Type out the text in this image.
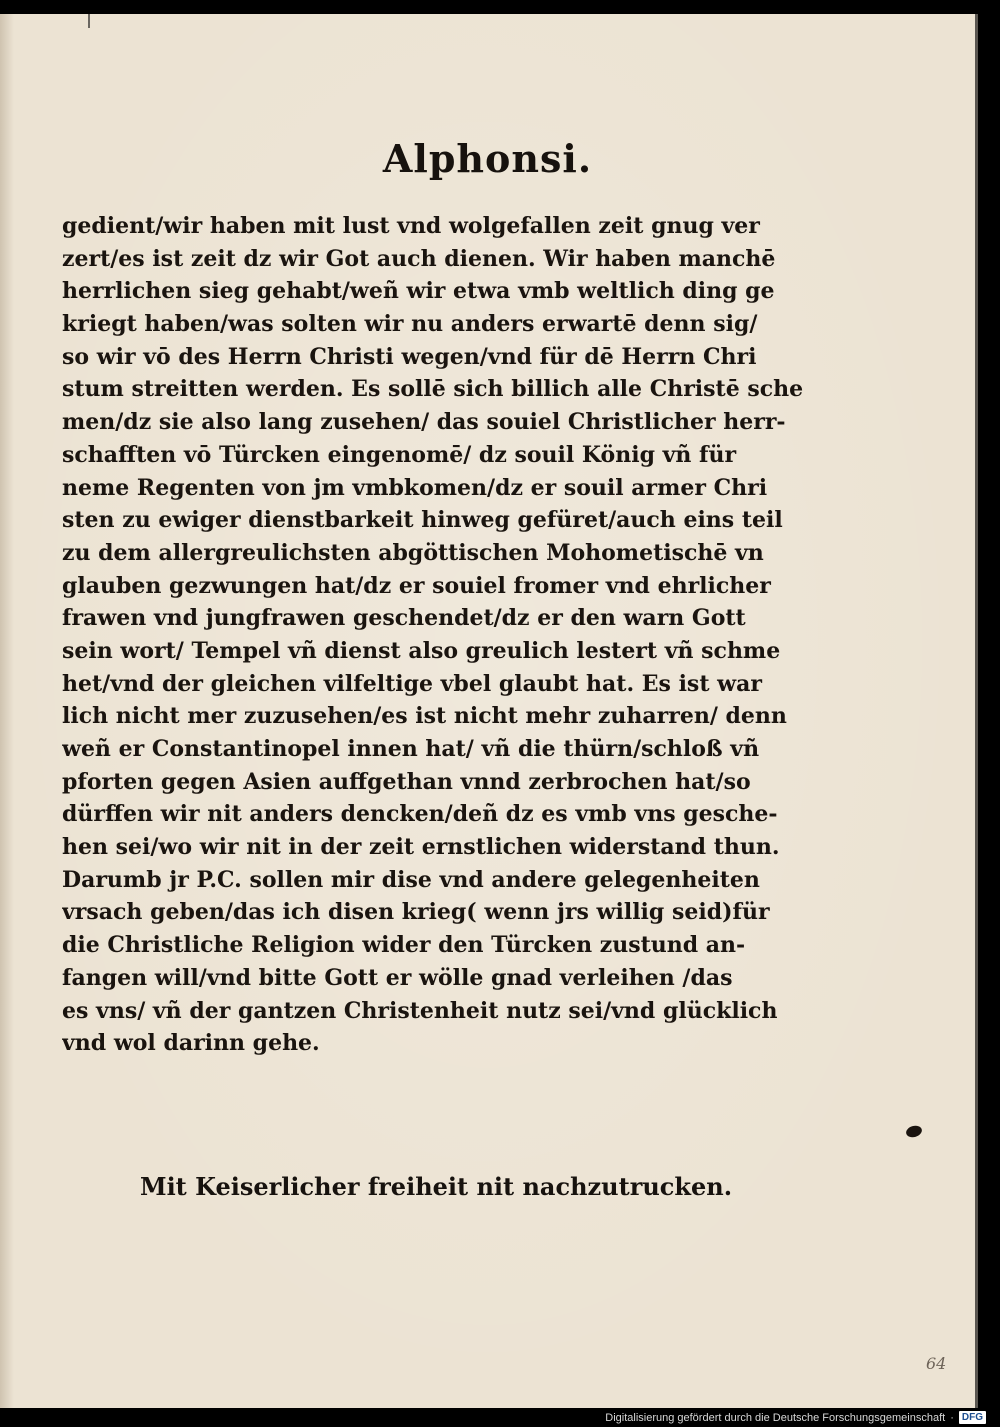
Alphonsi.
gedient/wir haben mit lust vnd wolgefallen zeit gnug ver
zert/es ist zeit dz wir Got auch dienen. Wir haben manchē
herrlichen sieg gehabt/weñ wir etwa vmb weltlich ding ge
kriegt haben/was solten wir nu anders erwartē denn sig/
so wir vō des Herrn Christi wegen/vnd für dē Herrn Chri
stum streitten werden. Es sollē sich billich alle Christē sche
men/dz sie also lang zusehen/ das souiel Christlicher herr-
schafften vō Türcken eingenomē/ dz souil König vñ für
neme Regenten von jm vmbkomen/dz er souil armer Chri
sten zu ewiger dienstbarkeit hinweg gefüret/auch eins teil
zu dem allergreulichsten abgöttischen Mohometischē vn
glauben gezwungen hat/dz er souiel fromer vnd ehrlicher
frawen vnd jungfrawen geschendet/dz er den warn Gott
sein wort/ Tempel vñ dienst also greulich lestert vñ schme
het/vnd der gleichen vilfeltige vbel glaubt hat. Es ist war
lich nicht mer zuzusehen/es ist nicht mehr zuharren/ denn
weñ er Constantinopel innen hat/ vñ die thürn/schloß vñ
pforten gegen Asien auffgethan vnnd zerbrochen hat/so
dürffen wir nit anders dencken/deñ dz es vmb vns gesche-
hen sei/wo wir nit in der zeit ernstlichen widerstand thun.
Darumb jr P.C. sollen mir dise vnd andere gelegenheiten
vrsach geben/das ich disen krieg( wenn jrs willig seid)für
die Christliche Religion wider den Türcken zustund an-
fangen will/vnd bitte Gott er wölle gnad verleihen /das
es vns/ vñ der gantzen Christenheit nutz sei/vnd glücklich
vnd wol darinn gehe.

Mit Keiserlicher freiheit nit nachzutrucken.

64
Digitalisierung gefördert durch die Deutsche Forschungsgemeinschaft · DFG
